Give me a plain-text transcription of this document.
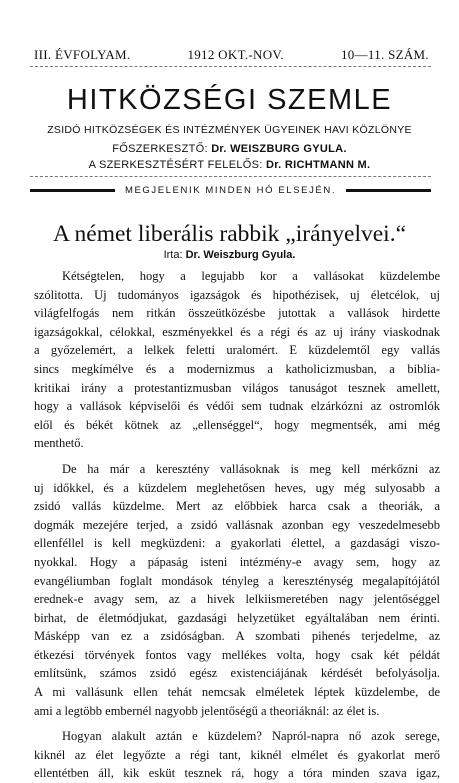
III. ÉVFOLYAM.	1912 OKT.-NOV.	10—11. SZÁM.
HITKÖZSÉGI SZEMLE
ZSIDÓ HITKÖZSÉGEK ÉS INTÉZMÉNYEK ÜGYEINEK HAVI KÖZLÖNYE
FŐSZERKESZTŐ: Dr. WEISZBURG GYULA.
A SZERKESZTÉSÉRT FELELŐS: Dr. RICHTMANN M.
MEGJELENIK MINDEN HÓ ELSEJÉN.
A német liberális rabbik „irányelvei.“
Irta: Dr. Weiszburg Gyula.
Kétségtelen, hogy a legujabb kor a vallásokat küzdelembe
szólitotta. Uj tudományos igazságok és hipothézisek, uj életcélok, uj
világfelfogás nem ritkán összeütközésbe jutottak a vallások hirdette
igazságokkal, célokkal, eszményekkel és a régi és az uj irány viaskodnak
a győzelemért, a lelkek feletti uralomért. E küzdelemtől egy vallás
sincs megkímélve és a modernizmus a katholicizmusban, a biblia-
kritikai irány a protestantizmusban világos tanuságot tesznek amellett,
hogy a vallások képviselői és védői sem tudnak elzárkózni az ostromlók
elől és békét kötnek az „ellenséggel“, hogy megmentsék, ami még
menthető.
De ha már a keresztény vallásoknak is meg kell mérkőzni az
uj időkkel, és a küzdelem meglehetősen heves, ugy még sulyosabb a
zsidó vallás küzdelme. Mert az előbbiek harca csak a theoriák, a
dogmák mezejére terjed, a zsidó vallásnak azonban egy veszedelmesebb
ellenféllel is kell megküzdeni: a gyakorlati élettel, a gazdasági viszo-
nyokkal. Hogy a pápaság isteni intézmény-e avagy sem, hogy az
evangéliumban foglalt mondások tényleg a kereszténység megalapítójától
erednek-e avagy sem, az a hivek lelkiismeretében nagy jelentőséggel
birhat, de életmódjukat, gazdasági helyzetüket egyáltalában nem érinti.
Másképp van ez a zsidóságban. A szombati pihenés terjedelme, az
étkezési törvények fontos vagy mellékes volta, hogy csak két példát
említsünk, számos zsidó egész existenciájának kérdését befolyásolja.
A mi vallásunk ellen tehát nemcsak elméletek léptek küzdelembe, de
ami a legtöbb embernél nagyobb jelentőségű a theoriáknál: az élet is.
Hogyan alakult aztán e küzdelem? Napról-napra nő azok serege,
kiknél az élet legyőzte a régi tant, kiknél elmélet és gyakorlat merő
ellentétben áll, kik esküt tesznek rá, hogy a tóra minden szava igaz,
